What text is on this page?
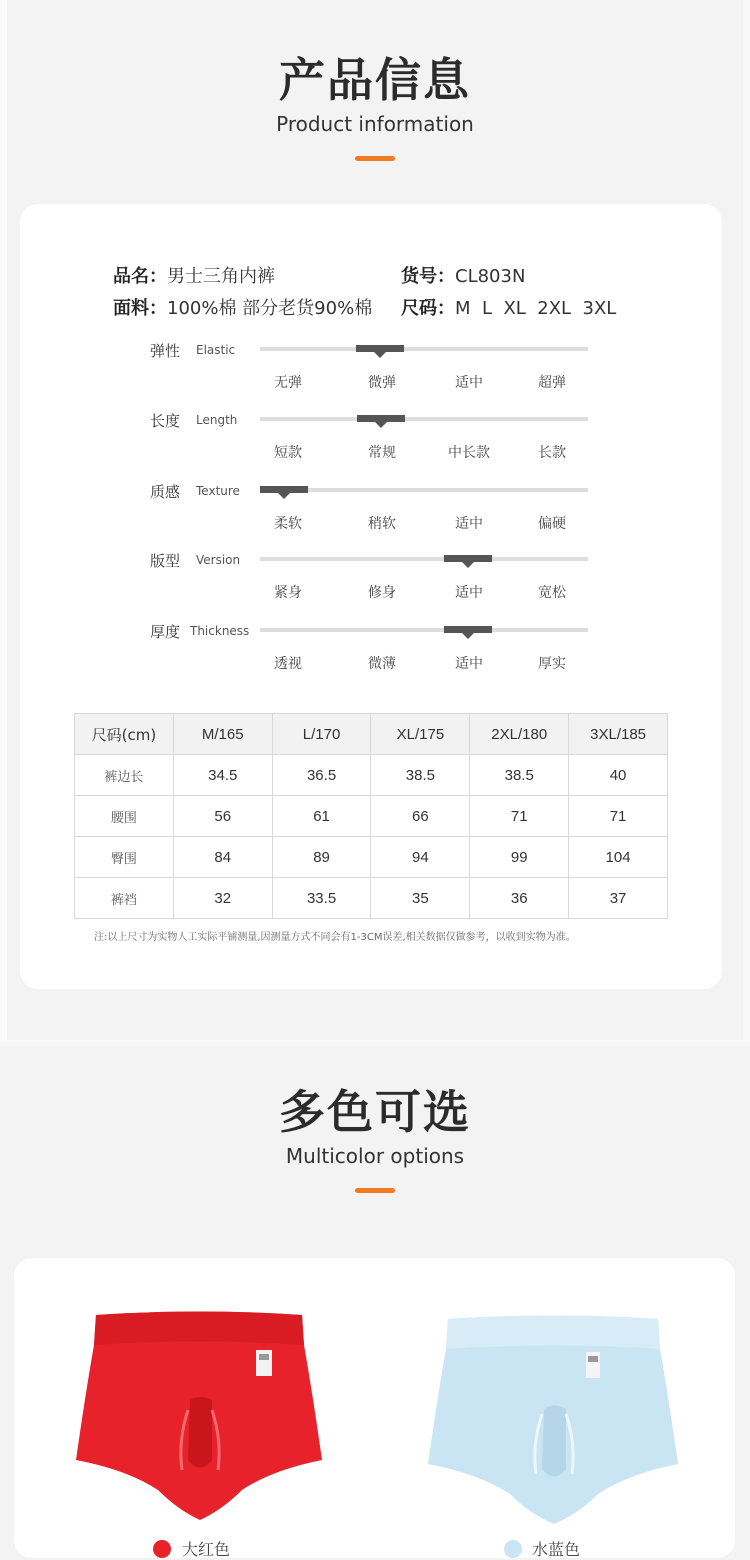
产品信息
Product information
品名：男士三角内裤	货号：CL803N
面料：100%棉 部分老货90%棉 尺码：M  L  XL  2XL  3XL
弹性 Elastic
无弹	微弹	适中	超弹
长度 Length
短款	常规	中长款	长款
质感 Texture
柔软	稍软	适中	偏硬
版型 Version
紧身	修身	适中	宽松
厚度 Thickness
透视	微薄	适中	厚实
尺码(cm)	M/165	L/170	XL/175	2XL/180	3XL/185
裤边长	34.5	36.5	38.5	38.5	40
腰围	56	61	66	71	71
臀围	84	89	94	99	104
裤裆	32	33.5	35	36	37
注:以上尺寸为实物人工实际平铺测量,因测量方式不同会有1-3CM误差,相关数据仅做参考，以收到实物为准。
多色可选
Multicolor options
大红色	水蓝色
